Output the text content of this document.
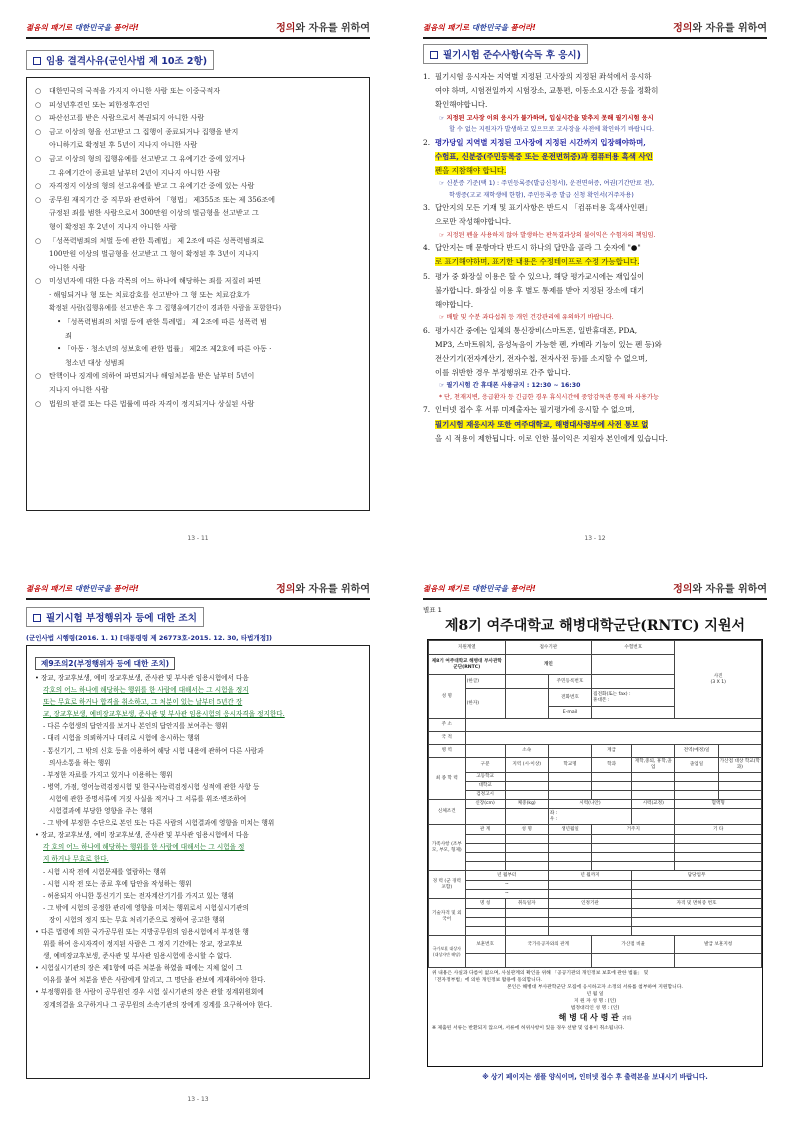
젊음의 패기로 대한민국을 품어라!	정의와 자유를 위하여
임용 결격사유(군인사법 제 10조 2항)
○ 대한민국의 국적을 가지지 아니한 사람 또는 이중국적자
○ 피성년후견인 또는 피한정후견인
○ 파산선고를 받은 사람으로서 복권되지 아니한 사람
○ 금고 이상의 형을 선고받고 그 집행이 종료되거나 집행을 받지
아니하기로 확정된 후 5년이 지나지 아니한 사람
○ 금고 이상의 형의 집행유예를 선고받고 그 유예기간 중에 있거나
그 유예기간이 종료된 날부터 2년이 지나지 아니한 사람
○ 자격정지 이상의 형의 선고유예를 받고 그 유예기간 중에 있는 사람
○ 공무원 재직기간 중 직무와 관련하여 「형법」 제355조 또는 제 356조에
규정된 죄를 범한 사람으로서 300만원 이상의 벌금형을 선고받고 그
형이 확정된 후 2년이 지나지 아니한 사람
○ 「성폭력범죄의 처벌 등에 관한 특례법」 제 2조에 따른 성폭력범죄로
100만원 이상의 벌금형을 선고받고 그 형이 확정된 후 3년이 지나지
아니한 사람
○ 미성년자에 대한 다음 각목의 어느 하나에 해당하는 죄를 저질러 파면
· 해임되거나 형 또는 치료감호를 선고받아 그 형 또는 치료감호가
확정된 사람(집행유예를 선고받은 후 그 집행유예기간이 경과한 사람을 포함한다)
• 「성폭력범죄의 처벌 등에 관한 특례법」 제 2조에 따른 성폭력 범
죄
• 「아동 · 청소년의 성보호에 관한 법률」 제2조 제2호에 따른 아동 ·
청소년 대상 성범죄
○ 탄핵이나 징계에 의하여 파면되거나 해임처분을 받은 날부터 5년이
지나지 아니한 사람
○ 법원의 판결 또는 다른 법률에 따라 자격이 정지되거나 상실된 사람
13 - 11
젊음의 패기로 대한민국을 품어라!	정의와 자유를 위하여
필기시험 준수사항(숙독 후 응시)
1. 필기시험 응시자는 지역별 지정된 고사장의 지정된 좌석에서 응시하
여야 하며, 시험전일까지 시험장소, 교통편, 이동소요시간 등을 정확히
확인해야합니다.
☞ 지정된 고사장 이외 응시가 불가하며, 입실시간을 맞추지 못해 필기시험 응시
할 수 없는 지원자가 발생하고 있으므로 고사장을 사전에 확인하기 바랍니다.
2. 평가당일 지역별 지정된 고사장에 지정된 시간까지 입장해야하며,
수험표, 신분증(주민등록증 또는 운전면허증)과 컴퓨터용 흑색 사인
펜을 지참해야 합니다.
☞ 신분증 기준(택 1) : 주민등록증(발급신청서), 운전면허증, 여권(기간만료 전),
학생증(고교 재학생에 한함), 주민등록증 발급 신청 확인서(거주자용)
3. 답안지의 모든 기재 및 표기사항은 반드시 「컴퓨터용 흑색사인펜」
으로만 작성해야합니다.
☞ 지정된 펜을 사용하지 않아 발생하는 판독결과상의 불이익은 수험자의 책임임.
4. 답안지는 매 문항마다 반드시 하나의 답만을 골라 그 숫자에 "●"
로 표기해야하며, 표기한 내용은 수정테이프로 수정 가능합니다.
5. 평가 중 화장실 이용은 할 수 있으나, 해당 평가교시에는 재입실이
불가합니다. 화장실 이용 후 별도 통제를 받아 지정된 장소에 대기
해야합니다.
☞ 배탈 및 수분 과다섭취 등 개인 건강관리에 유의하기 바랍니다.
6. 평가시간 중에는 일체의 통신장비(스마트폰, 일반휴대폰, PDA,
MP3, 스마트워치, 음성녹음이 가능한 펜, 카메라 기능이 있는 펜 등)와
전산기기(전자계산기, 전자수첩, 전자사전 등)를 소지할 수 없으며,
이를 위반한 경우 부정행위로 간주 합니다.
☞ 필기시험 간 휴대폰 사용금지 : 12:30 ~ 16:30
* 단, 천재지변, 응급환자 등 긴급한 경우 휴식시간에 중앙감독관 통제 하 사용가능
7. 인터넷 접수 후 서류 미제출자는 필기평가에 응시할 수 없으며,
필기시험 재응시자 또한 여주대학교, 해병대사령부에 사전 통보 없
을 시 적용이 제한됩니다. 이로 인한 불이익은 지원자 본인에게 있습니다.
13 - 12
젊음의 패기로 대한민국을 품어라!	정의와 자유를 위하여
필기시험 부정행위자 등에 대한 조치
(군인사법 시행령(2016. 1. 1) [대통령령 제 26773호-2015. 12. 30, 타법개정])
제9조의2(부정행위자 등에 대한 조치)
• 장교, 장교후보생, 예비 장교후보생, 준사관 및 부사관 임용시험에서 다음
각호의 어느 하나에 해당하는 행위를 한 사람에 대해서는 그 시험을 정지
또는 무효로 하거나 합격을 취소하고, 그 처분이 있는 날부터 5년간 장
교, 장교후보생, 예비장교후보생, 준사관 및 부사관 임용시험의 응시자격을 정지한다.
- 다른 수험생의 답안지를 보거나 본인의 답안지를 보여주는 행위
- 대리 시험을 의뢰하거나 대리로 시험에 응시하는 행위
- 통신기기, 그 밖의 신호 등을 이용하여 해당 시험 내용에 관하여 다른 사람과
의사소통을 하는 행위
- 부정한 자료를 가지고 있거나 이용하는 행위
- 병역, 가점, 영어능력검정시험 및 한국사능력검정시험 성적에 관한 사항 등
시험에 관한 증명서류에 거짓 사실을 적거나 그 서류를 위조·변조하여
시험결과에 부당한 영향을 주는 행위
- 그 밖에 부정한 수단으로 본인 또는 다른 사람의 시험결과에 영향을 미치는 행위
• 장교, 장교후보생, 예비 장교후보생, 준사관 및 부사관 임용시험에서 다음
각 호의 어느 하나에 해당하는 행위를 한 사람에 대해서는 그 시험을 정
지 하거나 무효로 한다.
- 시험 시작 전에 시험문제를 열람하는 행위
- 시험 시작 전 또는 종료 후에 답안을 작성하는 행위
- 허용되지 아니한 통신기기 또는 전자계산기기를 가지고 있는 행위
- 그 밖에 시험의 공정한 관리에 영향을 미치는 행위로서 시험실시기관의
장이 시험의 정지 또는 무효 처리기준으로 정하여 공고한 행위
• 다른 법령에 의한 국가공무원 또는 지방공무원의 임용시험에서 부정한 행
위를 하여 응시자격이 정지된 사람은 그 정지 기간에는 장교, 장교후보
생, 예비장교후보생, 준사관 및 부사관 임용시험에 응시할 수 없다.
• 시험실시기관의 장은 제1항에 따른 처분을 하였을 때에는 지체 없이 그
이유를 붙여 처분을 받은 사람에게 알리고, 그 명단을 관보에 게재하여야 한다.
• 부정행위를 한 사람이 공무원인 경우 시험 실시기관의 장은 관할 징계위원회에
징계의결을 요구하거나 그 공무원의 소속기관의 장에게 징계를 요구하여야 한다.
13 - 13
젊음의 패기로 대한민국을 품어라!	정의와 자유를 위하여
별표 1
제8기 여주대학교 해병대학군단(RNTC) 지원서
지원계열		접수기관		수험번호		사진
(3 X 1)	

제8기 여주대학교 해병대 부사관학군단(RNTC)		개인					
성 명	(한글)		주민등록번호				
	(한자)		전화번호	집전화(또는 fax) :
휴대폰 :			

			E-mail				
주 소							
국 적							
병 역		소속		계급		전역(예정)일	
최 종 학 력	구분	지역 (시·이상)	학교명	학과	재학,중퇴, 휴학,졸업	졸업일	가산점 대상 학교(학과)
	고등학교						
	대학교						
	검정고시						
신체조건	신장(cm)	체중(kg)	시력(나안)		시력(교정)	혈액형	

			좌 :
우 :				

가족사항 (조부모, 부모, 형제)	관 계	성 명	생년월일	거주지		기 타	

경 력 (군 경력 포함)	년 월부터		년 월까지		담당업무		
	~						
	~						
기술자격 및 외국어	명 칭	취득일자	인정기관		자격 및 면허증 번호		

국가보훈 대상자 (대상자만 해당)	보훈번호	국가유공자와의 관계		가산점 비율		발급 보훈지청	

위 내용은 사실과 다름이 없으며, 사실관계의 확인을 위해 「공공기관의 개인정보 보호에 관한 법률」 및
「전자정부법」에 의한 개인정보 활용에 동의합니다.
본인은 해병대 부사관학군단 모집에 응시하고자 소정의 서류를 첨부하여 지원합니다.
년 월 일
지 원 자 성 명 : (인)
법정대리인 성 명 : (인)
해 병 대 사 령 관 귀하
※ 제출된 서류는 반환되지 않으며, 서류에 허위사항이 있을 경우 선발 및 임용이 취소됩니다.
※ 상기 페이지는 샘플 양식이며, 인터넷 접수 후 출력본을 보내시기 바랍니다.
